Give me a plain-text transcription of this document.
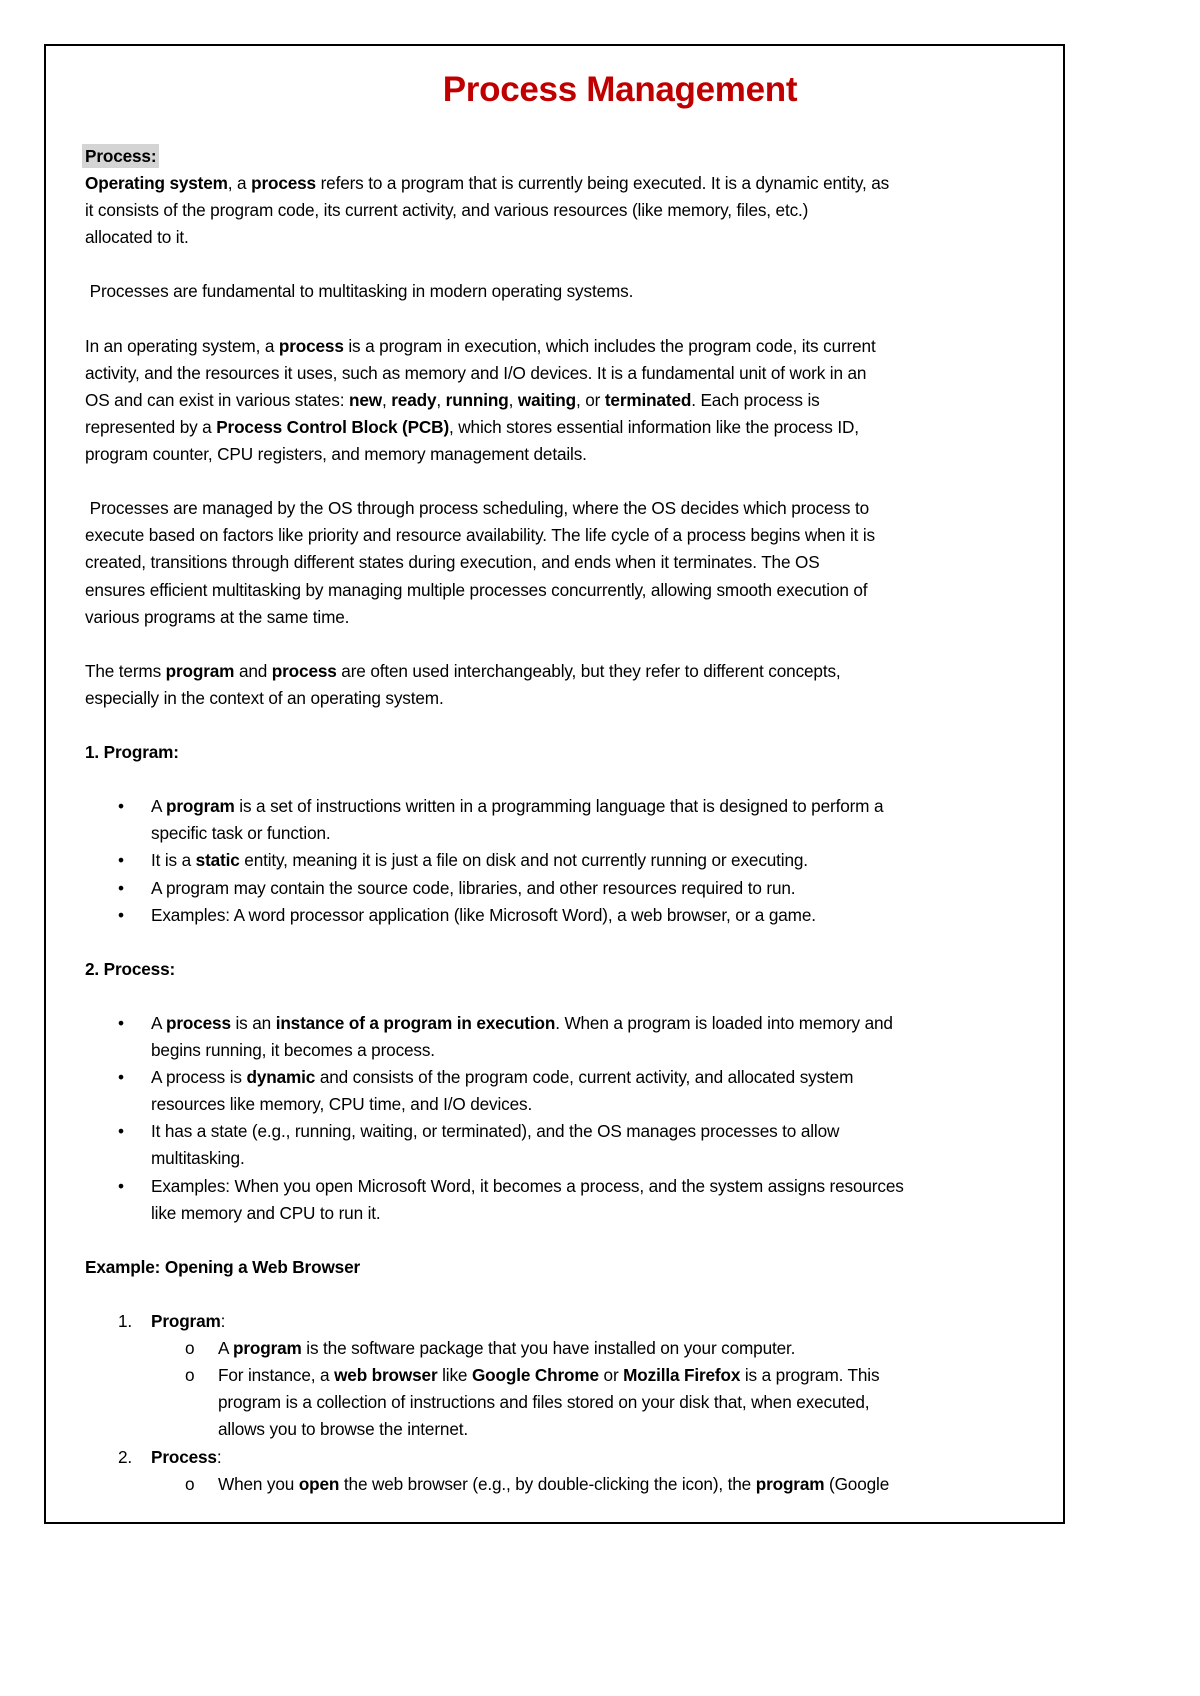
Process Management
Process:
Operating system, a process refers to a program that is currently being executed. It is a dynamic entity, as
it consists of the program code, its current activity, and various resources (like memory, files, etc.)
allocated to it.
Processes are fundamental to multitasking in modern operating systems.
In an operating system, a process is a program in execution, which includes the program code, its current
activity, and the resources it uses, such as memory and I/O devices. It is a fundamental unit of work in an
OS and can exist in various states: new, ready, running, waiting, or terminated. Each process is
represented by a Process Control Block (PCB), which stores essential information like the process ID,
program counter, CPU registers, and memory management details.
Processes are managed by the OS through process scheduling, where the OS decides which process to
execute based on factors like priority and resource availability. The life cycle of a process begins when it is
created, transitions through different states during execution, and ends when it terminates. The OS
ensures efficient multitasking by managing multiple processes concurrently, allowing smooth execution of
various programs at the same time.
The terms program and process are often used interchangeably, but they refer to different concepts,
especially in the context of an operating system.
1. Program:
• A program is a set of instructions written in a programming language that is designed to perform a
specific task or function.
• It is a static entity, meaning it is just a file on disk and not currently running or executing.
• A program may contain the source code, libraries, and other resources required to run.
• Examples: A word processor application (like Microsoft Word), a web browser, or a game.
2. Process:
• A process is an instance of a program in execution. When a program is loaded into memory and
begins running, it becomes a process.
• A process is dynamic and consists of the program code, current activity, and allocated system
resources like memory, CPU time, and I/O devices.
• It has a state (e.g., running, waiting, or terminated), and the OS manages processes to allow
multitasking.
• Examples: When you open Microsoft Word, it becomes a process, and the system assigns resources
like memory and CPU to run it.
Example: Opening a Web Browser
1. Program:
o A program is the software package that you have installed on your computer.
o For instance, a web browser like Google Chrome or Mozilla Firefox is a program. This
program is a collection of instructions and files stored on your disk that, when executed,
allows you to browse the internet.
2. Process:
o When you open the web browser (e.g., by double-clicking the icon), the program (Google
